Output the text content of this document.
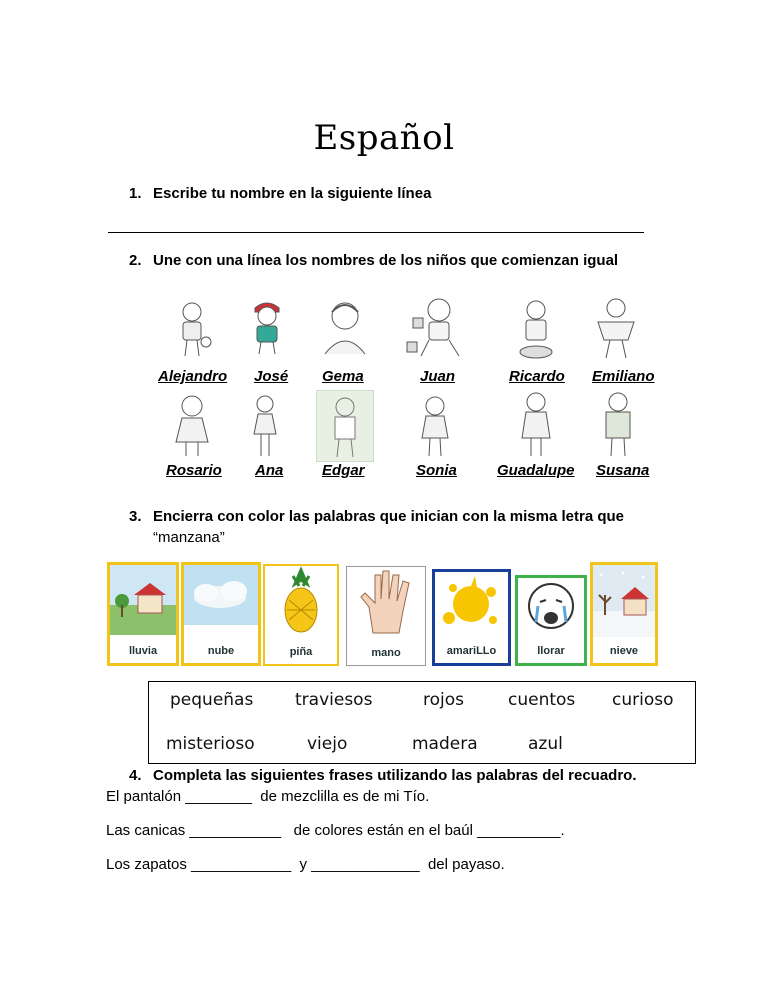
Español
1. Escribe tu nombre en la siguiente línea
2. Une con una línea los nombres de los niños que comienzan igual
Alejandro José Gema	Juan	Ricardo Emiliano
Rosario Ana	Edgar	Sonia	Guadalupe Susana
3. Encierra con color las palabras que inician con la misma letra que
“manzana”
lluvia	nube	piña	mano	amariLLo	llorar	nieve
pequeñas traviesos	rojos	cuentos curioso
misterioso	viejo	madera	azul
4. Completa las siguientes frases utilizando las palabras del recuadro.
El pantalón ________  de mezclilla es de mi Tío.
Las canicas ___________   de colores están en el baúl __________.
Los zapatos ____________  y _____________  del payaso.
